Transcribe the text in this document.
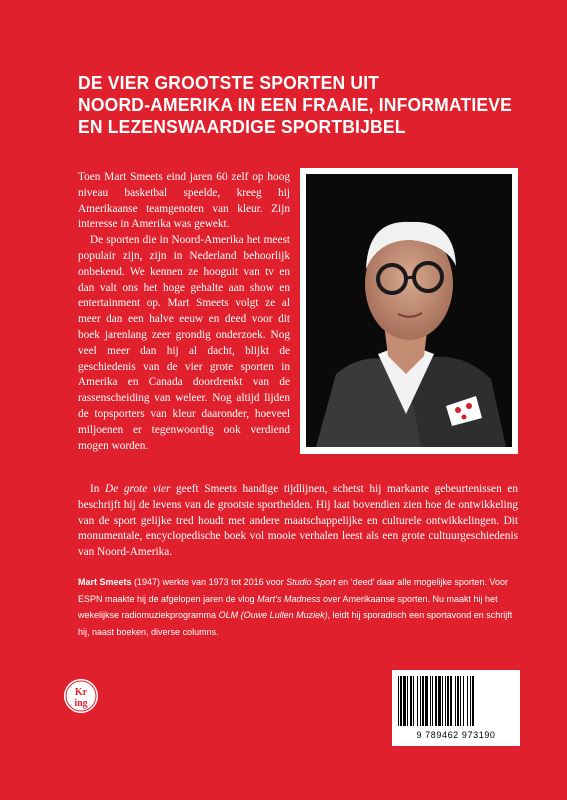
DE VIER GROOTSTE SPORTEN UIT
NOORD-AMERIKA IN EEN FRAAIE, INFORMATIEVE
EN LEZENSWAARDIGE SPORTBIJBEL

Toen Mart Smeets eind jaren 60 zelf op hoog niveau basketbal speelde, kreeg hij Amerikaanse teamgenoten van kleur. Zijn interesse in Amerika was gewekt.

De sporten die in Noord-Amerika het meest populair zijn, zijn in Nederland behoorlijk onbekend. We kennen ze hooguit van tv en dan valt ons het hoge gehalte aan show en entertainment op. Mart Smeets volgt ze al meer dan een halve eeuw en deed voor dit boek jarenlang zeer grondig onderzoek. Nog veel meer dan hij al dacht, blijkt de geschiedenis van de vier grote sporten in Amerika en Canada doordrenkt van de rassenscheiding van weleer. Nog altijd lijden de topsporters van kleur daaronder, hoeveel miljoenen er tegenwoordig ook verdiend mogen worden.

In De grote vier geeft Smeets handige tijdlijnen, schetst hij markante gebeurtenissen en beschrijft hij de levens van de grootste sporthelden. Hij laat bovendien zien hoe de ontwikkeling van de sport gelijke tred houdt met andere maatschappelijke en culturele ontwikkelingen. Dit monumentale, encyclopedische boek vol mooie verhalen leest als een grote cultuurgeschiedenis van Noord-Amerika.
Mart Smeets (1947) werkte van 1973 tot 2016 voor Studio Sport en ‘deed’ daar alle mogelijke sporten. Voor ESPN maakte hij de afgelopen jaren de vlog Mart’s Madness over Amerikaanse sporten. Nu maakt hij het wekelijkse radiomuziekprogramma OLM (Ouwe Lullen Muziek), leidt hij sporadisch een sportavond en schrijft hij, naast boeken, diverse columns.
Kr
ing
9 789462 973190
